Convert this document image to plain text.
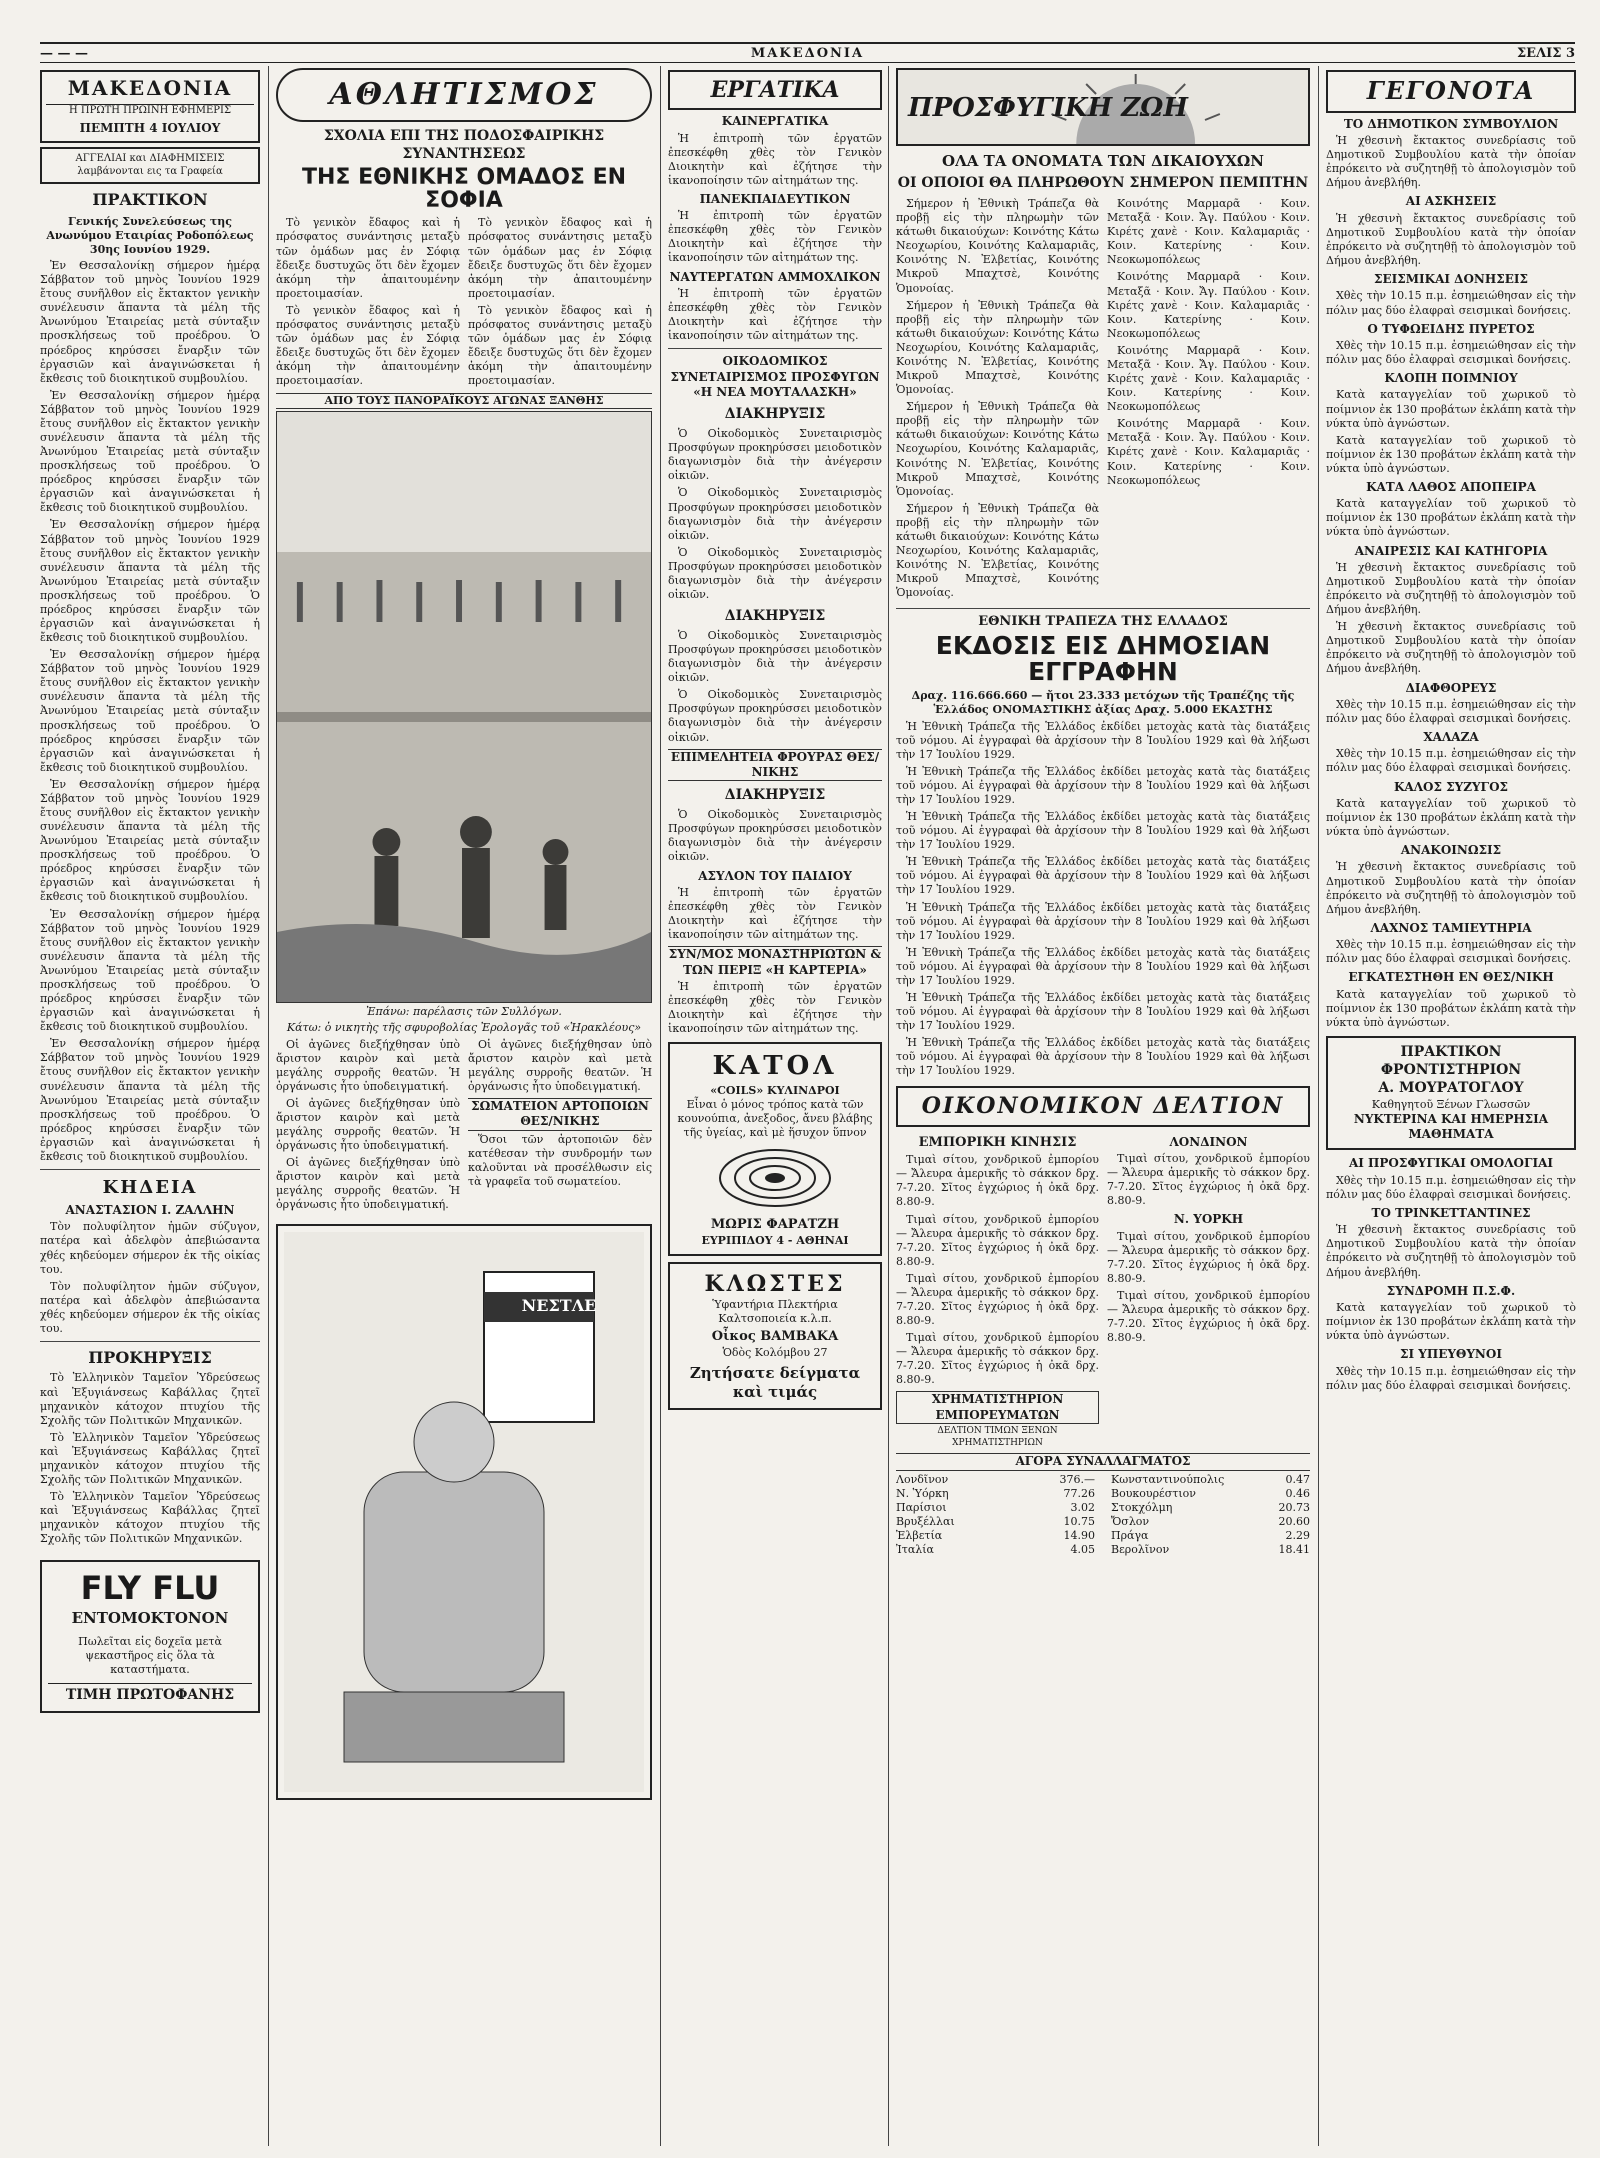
— — —	ΜΑΚΕΔΟΝΙΑ	ΣΕΛΙΣ 3
ΜΑΚΕΔΟΝΙΑ
Η ΠΡΩΤΗ ΠΡΩΙΝΗ ΕΦΗΜΕΡΙΣ
ΠΕΜΠΤΗ 4 ΙΟΥΛΙΟΥ
ΑΓΓΕΛΙΑΙ και ΔΙΑΦΗΜΙΣΕΙΣ λαμβάνονται εις τα Γραφεία
ΠΡΑΚΤΙΚΟΝ
Γενικής Συνελεύσεως της Ανωνύμου Εταιρίας Ροδοπόλεως 30ης Ιουνίου 1929.

Ἐν Θεσσαλονίκῃ σήμερον ἡμέρᾳ Σάββατον τοῦ μηνὸς Ἰουνίου 1929 ἔτους συνῆλθον εἰς ἔκτακτον γενικὴν συνέλευσιν ἅπαντα τὰ μέλη τῆς Ἀνωνύμου Ἑταιρείας μετὰ σύνταξιν προσκλήσεως τοῦ προέδρου. Ὁ πρόεδρος κηρύσσει ἔναρξιν τῶν ἐργασιῶν καὶ ἀναγινώσκεται ἡ ἔκθεσις τοῦ διοικητικοῦ συμβουλίου.

Ἐν Θεσσαλονίκῃ σήμερον ἡμέρᾳ Σάββατον τοῦ μηνὸς Ἰουνίου 1929 ἔτους συνῆλθον εἰς ἔκτακτον γενικὴν συνέλευσιν ἅπαντα τὰ μέλη τῆς Ἀνωνύμου Ἑταιρείας μετὰ σύνταξιν προσκλήσεως τοῦ προέδρου. Ὁ πρόεδρος κηρύσσει ἔναρξιν τῶν ἐργασιῶν καὶ ἀναγινώσκεται ἡ ἔκθεσις τοῦ διοικητικοῦ συμβουλίου.

Ἐν Θεσσαλονίκῃ σήμερον ἡμέρᾳ Σάββατον τοῦ μηνὸς Ἰουνίου 1929 ἔτους συνῆλθον εἰς ἔκτακτον γενικὴν συνέλευσιν ἅπαντα τὰ μέλη τῆς Ἀνωνύμου Ἑταιρείας μετὰ σύνταξιν προσκλήσεως τοῦ προέδρου. Ὁ πρόεδρος κηρύσσει ἔναρξιν τῶν ἐργασιῶν καὶ ἀναγινώσκεται ἡ ἔκθεσις τοῦ διοικητικοῦ συμβουλίου.

Ἐν Θεσσαλονίκῃ σήμερον ἡμέρᾳ Σάββατον τοῦ μηνὸς Ἰουνίου 1929 ἔτους συνῆλθον εἰς ἔκτακτον γενικὴν συνέλευσιν ἅπαντα τὰ μέλη τῆς Ἀνωνύμου Ἑταιρείας μετὰ σύνταξιν προσκλήσεως τοῦ προέδρου. Ὁ πρόεδρος κηρύσσει ἔναρξιν τῶν ἐργασιῶν καὶ ἀναγινώσκεται ἡ ἔκθεσις τοῦ διοικητικοῦ συμβουλίου.

Ἐν Θεσσαλονίκῃ σήμερον ἡμέρᾳ Σάββατον τοῦ μηνὸς Ἰουνίου 1929 ἔτους συνῆλθον εἰς ἔκτακτον γενικὴν συνέλευσιν ἅπαντα τὰ μέλη τῆς Ἀνωνύμου Ἑταιρείας μετὰ σύνταξιν προσκλήσεως τοῦ προέδρου. Ὁ πρόεδρος κηρύσσει ἔναρξιν τῶν ἐργασιῶν καὶ ἀναγινώσκεται ἡ ἔκθεσις τοῦ διοικητικοῦ συμβουλίου.

Ἐν Θεσσαλονίκῃ σήμερον ἡμέρᾳ Σάββατον τοῦ μηνὸς Ἰουνίου 1929 ἔτους συνῆλθον εἰς ἔκτακτον γενικὴν συνέλευσιν ἅπαντα τὰ μέλη τῆς Ἀνωνύμου Ἑταιρείας μετὰ σύνταξιν προσκλήσεως τοῦ προέδρου. Ὁ πρόεδρος κηρύσσει ἔναρξιν τῶν ἐργασιῶν καὶ ἀναγινώσκεται ἡ ἔκθεσις τοῦ διοικητικοῦ συμβουλίου.

Ἐν Θεσσαλονίκῃ σήμερον ἡμέρᾳ Σάββατον τοῦ μηνὸς Ἰουνίου 1929 ἔτους συνῆλθον εἰς ἔκτακτον γενικὴν συνέλευσιν ἅπαντα τὰ μέλη τῆς Ἀνωνύμου Ἑταιρείας μετὰ σύνταξιν προσκλήσεως τοῦ προέδρου. Ὁ πρόεδρος κηρύσσει ἔναρξιν τῶν ἐργασιῶν καὶ ἀναγινώσκεται ἡ ἔκθεσις τοῦ διοικητικοῦ συμβουλίου.

ΚΗΔΕΙΑ
ΑΝΑΣΤΑΣΙΟΝ Ι. ΖΑΛΛΗΝ

Τὸν πολυφίλητον ἡμῶν σύζυγον, πατέρα καὶ ἀδελφὸν ἀπεβιώσαντα χθές κηδεύομεν σήμερον ἐκ τῆς οἰκίας του.

Τὸν πολυφίλητον ἡμῶν σύζυγον, πατέρα καὶ ἀδελφὸν ἀπεβιώσαντα χθές κηδεύομεν σήμερον ἐκ τῆς οἰκίας του.

ΠΡΟΚΗΡΥΞΙΣ

Τὸ Ἐλληνικὸν Ταμεῖον Ὑδρεύσεως καὶ Ἐξυγιάνσεως Καβάλλας ζητεῖ μηχανικὸν κάτοχον πτυχίου τῆς Σχολῆς τῶν Πολιτικῶν Μηχανικῶν.

Τὸ Ἐλληνικὸν Ταμεῖον Ὑδρεύσεως καὶ Ἐξυγιάνσεως Καβάλλας ζητεῖ μηχανικὸν κάτοχον πτυχίου τῆς Σχολῆς τῶν Πολιτικῶν Μηχανικῶν.

Τὸ Ἐλληνικὸν Ταμεῖον Ὑδρεύσεως καὶ Ἐξυγιάνσεως Καβάλλας ζητεῖ μηχανικὸν κάτοχον πτυχίου τῆς Σχολῆς τῶν Πολιτικῶν Μηχανικῶν.

FLY FLU
ΕΝΤΟΜΟΚΤΟΝΟΝ

Πωλεῖται εἰς δοχεῖα μετὰ ψεκαστῆρος εἰς ὅλα τὰ καταστήματα.

ΤΙΜΗ ΠΡΩΤΟΦΑΝΗΣ
ΑΘΛΗΤΙΣΜΟΣ
ΣΧΟΛΙΑ ΕΠΙ ΤΗΣ ΠΟΔΟΣΦΑΙΡΙΚΗΣ ΣΥΝΑΝΤΗΣΕΩΣ
ΤΗΣ ΕΘΝΙΚΗΣ ΟΜΑΔΟΣ ΕΝ ΣΟΦΙΑ

Τὸ γενικὸν ἔδαφος καὶ ἡ πρόσφατος συνάντησις μεταξὺ τῶν ὁμάδων μας ἐν Σόφιᾳ ἔδειξε δυστυχῶς ὅτι δὲν ἔχομεν ἀκόμη τὴν ἀπαιτουμένην προετοιμασίαν.

Τὸ γενικὸν ἔδαφος καὶ ἡ πρόσφατος συνάντησις μεταξὺ τῶν ὁμάδων μας ἐν Σόφιᾳ ἔδειξε δυστυχῶς ὅτι δὲν ἔχομεν ἀκόμη τὴν ἀπαιτουμένην προετοιμασίαν.

Τὸ γενικὸν ἔδαφος καὶ ἡ πρόσφατος συνάντησις μεταξὺ τῶν ὁμάδων μας ἐν Σόφιᾳ ἔδειξε δυστυχῶς ὅτι δὲν ἔχομεν ἀκόμη τὴν ἀπαιτουμένην προετοιμασίαν.

Τὸ γενικὸν ἔδαφος καὶ ἡ πρόσφατος συνάντησις μεταξὺ τῶν ὁμάδων μας ἐν Σόφιᾳ ἔδειξε δυστυχῶς ὅτι δὲν ἔχομεν ἀκόμη τὴν ἀπαιτουμένην προετοιμασίαν.

ΑΠΟ ΤΟΥΣ ΠΑΝΟΡΑΪΚΟΥΣ ΑΓΩΝΑΣ ΞΑΝΘΗΣ
Ἐπάνω: παρέλασις τῶν Συλλόγων.
Κάτω: ὁ νικητὴς τῆς σφυροβολίας Ἐρολογᾶς τοῦ «Ἡρακλέους»

Οἱ ἀγῶνες διεξήχθησαν ὑπὸ ἄριστον καιρὸν καὶ μετὰ μεγάλης συρροῆς θεατῶν. Ἡ ὀργάνωσις ἦτο ὑποδειγματική.

Οἱ ἀγῶνες διεξήχθησαν ὑπὸ ἄριστον καιρὸν καὶ μετὰ μεγάλης συρροῆς θεατῶν. Ἡ ὀργάνωσις ἦτο ὑποδειγματική.

Οἱ ἀγῶνες διεξήχθησαν ὑπὸ ἄριστον καιρὸν καὶ μετὰ μεγάλης συρροῆς θεατῶν. Ἡ ὀργάνωσις ἦτο ὑποδειγματική.

Οἱ ἀγῶνες διεξήχθησαν ὑπὸ ἄριστον καιρὸν καὶ μετὰ μεγάλης συρροῆς θεατῶν. Ἡ ὀργάνωσις ἦτο ὑποδειγματική.

ΣΩΜΑΤΕΙΟΝ ΑΡΤΟΠΟΙΩΝ ΘΕΣ/ΝΙΚΗΣ

Ὅσοι τῶν ἀρτοποιῶν δὲν κατέθεσαν τὴν συνδρομήν των καλοῦνται νὰ προσέλθωσιν εἰς τὰ γραφεῖα τοῦ σωματείου.

ΝΕΣΤΛΕ
ΕΡΓΑΤΙΚΑ
ΚΑΙΝΕΡΓΑΤΙΚΑ

Ἡ ἐπιτροπὴ τῶν ἐργατῶν ἐπεσκέφθη χθὲς τὸν Γενικὸν Διοικητὴν καὶ ἐζήτησε τὴν ἱκανοποίησιν τῶν αἰτημάτων της.

ΠΑΝΕΚΠΑΙΔΕΥΤΙΚΟΝ

Ἡ ἐπιτροπὴ τῶν ἐργατῶν ἐπεσκέφθη χθὲς τὸν Γενικὸν Διοικητὴν καὶ ἐζήτησε τὴν ἱκανοποίησιν τῶν αἰτημάτων της.

ΝΑΥΤΕΡΓΑΤΩΝ ΑΜΜΟΧΛΙΚΟΝ

Ἡ ἐπιτροπὴ τῶν ἐργατῶν ἐπεσκέφθη χθὲς τὸν Γενικὸν Διοικητὴν καὶ ἐζήτησε τὴν ἱκανοποίησιν τῶν αἰτημάτων της.

ΟΙΚΟΔΟΜΙΚΟΣ ΣΥΝΕΤΑΙΡΙΣΜΟΣ ΠΡΟΣΦΥΓΩΝ «Η ΝΕΑ ΜΟΥΤΑΛΑΣΚΗ»
ΔΙΑΚΗΡΥΞΙΣ

Ὁ Οἰκοδομικὸς Συνεταιρισμὸς Προσφύγων προκηρύσσει μειοδοτικὸν διαγωνισμὸν διὰ τὴν ἀνέγερσιν οἰκιῶν.

Ὁ Οἰκοδομικὸς Συνεταιρισμὸς Προσφύγων προκηρύσσει μειοδοτικὸν διαγωνισμὸν διὰ τὴν ἀνέγερσιν οἰκιῶν.

Ὁ Οἰκοδομικὸς Συνεταιρισμὸς Προσφύγων προκηρύσσει μειοδοτικὸν διαγωνισμὸν διὰ τὴν ἀνέγερσιν οἰκιῶν.

ΔΙΑΚΗΡΥΞΙΣ

Ὁ Οἰκοδομικὸς Συνεταιρισμὸς Προσφύγων προκηρύσσει μειοδοτικὸν διαγωνισμὸν διὰ τὴν ἀνέγερσιν οἰκιῶν.

Ὁ Οἰκοδομικὸς Συνεταιρισμὸς Προσφύγων προκηρύσσει μειοδοτικὸν διαγωνισμὸν διὰ τὴν ἀνέγερσιν οἰκιῶν.

ΕΠΙΜΕΛΗΤΕΙΑ ΦΡΟΥΡΑΣ ΘΕΣ/ΝΙΚΗΣ
ΔΙΑΚΗΡΥΞΙΣ

Ὁ Οἰκοδομικὸς Συνεταιρισμὸς Προσφύγων προκηρύσσει μειοδοτικὸν διαγωνισμὸν διὰ τὴν ἀνέγερσιν οἰκιῶν.

ΑΣΥΛΟΝ ΤΟΥ ΠΑΙΔΙΟΥ

Ἡ ἐπιτροπὴ τῶν ἐργατῶν ἐπεσκέφθη χθὲς τὸν Γενικὸν Διοικητὴν καὶ ἐζήτησε τὴν ἱκανοποίησιν τῶν αἰτημάτων της.

ΣΥΝ/ΜΟΣ ΜΟΝΑΣΤΗΡΙΩΤΩΝ & ΤΩΝ ΠΕΡΙΞ «Η ΚΑΡΤΕΡΙΑ»

Ἡ ἐπιτροπὴ τῶν ἐργατῶν ἐπεσκέφθη χθὲς τὸν Γενικὸν Διοικητὴν καὶ ἐζήτησε τὴν ἱκανοποίησιν τῶν αἰτημάτων της.

ΚΑΤΟΛ
«COILS» ΚΥΛΙΝΔΡΟΙ

Εἶναι ὁ μόνος τρόπος κατὰ τῶν κουνούπια, ἀνεξοδος, ἄνευ βλάβης τῆς ὑγείας, καὶ μὲ ἥσυχον ὕπνον

ΜΩΡΙΣ ΦΑΡΑΤΖΗ
ΕΥΡΙΠΙΔΟΥ 4 - ΑΘΗΝΑΙ
ΚΛΩΣΤΕΣ

Ὑφαντήρια Πλεκτήρια Καλτσοποιεία κ.λ.π.

Οἶκος ΒΑΜΒΑΚΑ
Ὁδὸς Κολόμβου 27
Ζητήσατε δείγματα καὶ τιμάς
ΠΡΟΣΦΥΓΙΚΗ ΖΩΗ
ΟΛΑ ΤΑ ΟΝΟΜΑΤΑ ΤΩΝ ΔΙΚΑΙΟΥΧΩΝ
ΟΙ ΟΠΟΙΟΙ ΘΑ ΠΛΗΡΩΘΟΥΝ ΣΗΜΕΡΟΝ ΠΕΜΠΤΗΝ

Σήμερον ἡ Ἐθνικὴ Τράπεζα θὰ προβῇ εἰς τὴν πληρωμὴν τῶν κάτωθι δικαιούχων: Κοινότης Κάτω Νεοχωρίου, Κοινότης Καλαμαριᾶς, Κοινότης Ν. Ἐλβετίας, Κοινότης Μικροῦ Μπαχτσὲ, Κοινότης Ὁμονοίας.

Σήμερον ἡ Ἐθνικὴ Τράπεζα θὰ προβῇ εἰς τὴν πληρωμὴν τῶν κάτωθι δικαιούχων: Κοινότης Κάτω Νεοχωρίου, Κοινότης Καλαμαριᾶς, Κοινότης Ν. Ἐλβετίας, Κοινότης Μικροῦ Μπαχτσὲ, Κοινότης Ὁμονοίας.

Σήμερον ἡ Ἐθνικὴ Τράπεζα θὰ προβῇ εἰς τὴν πληρωμὴν τῶν κάτωθι δικαιούχων: Κοινότης Κάτω Νεοχωρίου, Κοινότης Καλαμαριᾶς, Κοινότης Ν. Ἐλβετίας, Κοινότης Μικροῦ Μπαχτσὲ, Κοινότης Ὁμονοίας.

Σήμερον ἡ Ἐθνικὴ Τράπεζα θὰ προβῇ εἰς τὴν πληρωμὴν τῶν κάτωθι δικαιούχων: Κοινότης Κάτω Νεοχωρίου, Κοινότης Καλαμαριᾶς, Κοινότης Ν. Ἐλβετίας, Κοινότης Μικροῦ Μπαχτσὲ, Κοινότης Ὁμονοίας.

Κοινότης Μαρμαρᾶ · Κοιν. Μεταξᾶ · Κοιν. Ἄγ. Παύλου · Κοιν. Κιρέτς χανὲ · Κοιν. Καλαμαριᾶς · Κοιν. Κατερίνης · Κοιν. Νεοκωμοπόλεως

Κοινότης Μαρμαρᾶ · Κοιν. Μεταξᾶ · Κοιν. Ἄγ. Παύλου · Κοιν. Κιρέτς χανὲ · Κοιν. Καλαμαριᾶς · Κοιν. Κατερίνης · Κοιν. Νεοκωμοπόλεως

Κοινότης Μαρμαρᾶ · Κοιν. Μεταξᾶ · Κοιν. Ἄγ. Παύλου · Κοιν. Κιρέτς χανὲ · Κοιν. Καλαμαριᾶς · Κοιν. Κατερίνης · Κοιν. Νεοκωμοπόλεως

Κοινότης Μαρμαρᾶ · Κοιν. Μεταξᾶ · Κοιν. Ἄγ. Παύλου · Κοιν. Κιρέτς χανὲ · Κοιν. Καλαμαριᾶς · Κοιν. Κατερίνης · Κοιν. Νεοκωμοπόλεως

ΕΘΝΙΚΗ ΤΡΑΠΕΖΑ ΤΗΣ ΕΛΛΑΔΟΣ
ΕΚΔΟΣΙΣ ΕΙΣ ΔΗΜΟΣΙΑΝ ΕΓΓΡΑΦΗΝ
Δραχ. 116.666.660 — ἤτοι 23.333 μετόχων τῆς Τραπέζης τῆς Ἑλλάδος ΟΝΟΜΑΣΤΙΚΗΣ ἀξίας Δραχ. 5.000 ΕΚΑΣΤΗΣ

Ἡ Ἐθνικὴ Τράπεζα τῆς Ἑλλάδος ἐκδίδει μετοχὰς κατὰ τὰς διατάξεις τοῦ νόμου. Αἱ ἐγγραφαὶ θὰ ἀρχίσουν τὴν 8 Ἰουλίου 1929 καὶ θὰ λήξωσι τὴν 17 Ἰουλίου 1929.

Ἡ Ἐθνικὴ Τράπεζα τῆς Ἑλλάδος ἐκδίδει μετοχὰς κατὰ τὰς διατάξεις τοῦ νόμου. Αἱ ἐγγραφαὶ θὰ ἀρχίσουν τὴν 8 Ἰουλίου 1929 καὶ θὰ λήξωσι τὴν 17 Ἰουλίου 1929.

Ἡ Ἐθνικὴ Τράπεζα τῆς Ἑλλάδος ἐκδίδει μετοχὰς κατὰ τὰς διατάξεις τοῦ νόμου. Αἱ ἐγγραφαὶ θὰ ἀρχίσουν τὴν 8 Ἰουλίου 1929 καὶ θὰ λήξωσι τὴν 17 Ἰουλίου 1929.

Ἡ Ἐθνικὴ Τράπεζα τῆς Ἑλλάδος ἐκδίδει μετοχὰς κατὰ τὰς διατάξεις τοῦ νόμου. Αἱ ἐγγραφαὶ θὰ ἀρχίσουν τὴν 8 Ἰουλίου 1929 καὶ θὰ λήξωσι τὴν 17 Ἰουλίου 1929.

Ἡ Ἐθνικὴ Τράπεζα τῆς Ἑλλάδος ἐκδίδει μετοχὰς κατὰ τὰς διατάξεις τοῦ νόμου. Αἱ ἐγγραφαὶ θὰ ἀρχίσουν τὴν 8 Ἰουλίου 1929 καὶ θὰ λήξωσι τὴν 17 Ἰουλίου 1929.

Ἡ Ἐθνικὴ Τράπεζα τῆς Ἑλλάδος ἐκδίδει μετοχὰς κατὰ τὰς διατάξεις τοῦ νόμου. Αἱ ἐγγραφαὶ θὰ ἀρχίσουν τὴν 8 Ἰουλίου 1929 καὶ θὰ λήξωσι τὴν 17 Ἰουλίου 1929.

Ἡ Ἐθνικὴ Τράπεζα τῆς Ἑλλάδος ἐκδίδει μετοχὰς κατὰ τὰς διατάξεις τοῦ νόμου. Αἱ ἐγγραφαὶ θὰ ἀρχίσουν τὴν 8 Ἰουλίου 1929 καὶ θὰ λήξωσι τὴν 17 Ἰουλίου 1929.

Ἡ Ἐθνικὴ Τράπεζα τῆς Ἑλλάδος ἐκδίδει μετοχὰς κατὰ τὰς διατάξεις τοῦ νόμου. Αἱ ἐγγραφαὶ θὰ ἀρχίσουν τὴν 8 Ἰουλίου 1929 καὶ θὰ λήξωσι τὴν 17 Ἰουλίου 1929.

ΟΙΚΟΝΟΜΙΚΟΝ ΔΕΛΤΙΟΝ
ΕΜΠΟΡΙΚΗ ΚΙΝΗΣΙΣ

Τιμαὶ σίτου, χονδρικοῦ ἐμπορίου — Ἄλευρα ἀμερικῆς τὸ σάκκον δρχ. 7-7.20. Σῖτος ἐγχώριος ἡ ὀκᾶ δρχ. 8.80-9.

Τιμαὶ σίτου, χονδρικοῦ ἐμπορίου — Ἄλευρα ἀμερικῆς τὸ σάκκον δρχ. 7-7.20. Σῖτος ἐγχώριος ἡ ὀκᾶ δρχ. 8.80-9.

Τιμαὶ σίτου, χονδρικοῦ ἐμπορίου — Ἄλευρα ἀμερικῆς τὸ σάκκον δρχ. 7-7.20. Σῖτος ἐγχώριος ἡ ὀκᾶ δρχ. 8.80-9.

Τιμαὶ σίτου, χονδρικοῦ ἐμπορίου — Ἄλευρα ἀμερικῆς τὸ σάκκον δρχ. 7-7.20. Σῖτος ἐγχώριος ἡ ὀκᾶ δρχ. 8.80-9.

ΧΡΗΜΑΤΙΣΤΗΡΙΟΝ ΕΜΠΟΡΕΥΜΑΤΩΝ
ΔΕΛΤΙΟΝ ΤΙΜΩΝ ΞΕΝΩΝ ΧΡΗΜΑΤΙΣΤΗΡΙΩΝ
ΛΟΝΔΙΝΟΝ

Τιμαὶ σίτου, χονδρικοῦ ἐμπορίου — Ἄλευρα ἀμερικῆς τὸ σάκκον δρχ. 7-7.20. Σῖτος ἐγχώριος ἡ ὀκᾶ δρχ. 8.80-9.

Ν. ΥΟΡΚΗ

Τιμαὶ σίτου, χονδρικοῦ ἐμπορίου — Ἄλευρα ἀμερικῆς τὸ σάκκον δρχ. 7-7.20. Σῖτος ἐγχώριος ἡ ὀκᾶ δρχ. 8.80-9.

Τιμαὶ σίτου, χονδρικοῦ ἐμπορίου — Ἄλευρα ἀμερικῆς τὸ σάκκον δρχ. 7-7.20. Σῖτος ἐγχώριος ἡ ὀκᾶ δρχ. 8.80-9.

ΑΓΟΡΑ ΣΥΝΑΛΛΑΓΜΑΤΟΣ
Λονδῖνον	376.—
Ν. Ὑόρκη	77.26
Παρίσιοι	3.02
Βρυξέλλαι	10.75
Ἐλβετία	14.90
Ἰταλία	4.05
Κωνσταντινούπολις	0.47
Βουκουρέστιον	0.46
Στοκχόλμη	20.73
Ὄσλον	20.60
Πράγα	2.29
Βερολῖνον	18.41
ΓΕΓΟΝΟΤΑ
ΤΟ ΔΗΜΟΤΙΚΟΝ ΣΥΜΒΟΥΛΙΟΝ

Ἡ χθεσινὴ ἔκτακτος συνεδρίασις τοῦ Δημοτικοῦ Συμβουλίου κατὰ τὴν ὁποίαν ἐπρόκειτο νὰ συζητηθῇ τὸ ἀπολογισμὸν τοῦ Δήμου ἀνεβλήθη.

ΑΙ ΑΣΚΗΣΕΙΣ

Ἡ χθεσινὴ ἔκτακτος συνεδρίασις τοῦ Δημοτικοῦ Συμβουλίου κατὰ τὴν ὁποίαν ἐπρόκειτο νὰ συζητηθῇ τὸ ἀπολογισμὸν τοῦ Δήμου ἀνεβλήθη.

ΣΕΙΣΜΙΚΑΙ ΔΟΝΗΣΕΙΣ

Χθὲς τὴν 10.15 π.μ. ἐσημειώθησαν εἰς τὴν πόλιν μας δύο ἐλαφραὶ σεισμικαὶ δονήσεις.

Ο ΤΥΦΩΕΙΔΗΣ ΠΥΡΕΤΟΣ

Χθὲς τὴν 10.15 π.μ. ἐσημειώθησαν εἰς τὴν πόλιν μας δύο ἐλαφραὶ σεισμικαὶ δονήσεις.

ΚΛΟΠΗ ΠΟΙΜΝΙΟΥ

Κατὰ καταγγελίαν τοῦ χωρικοῦ τὸ ποίμνιον ἐκ 130 προβάτων ἐκλάπη κατὰ τὴν νύκτα ὑπὸ ἀγνώστων.

Κατὰ καταγγελίαν τοῦ χωρικοῦ τὸ ποίμνιον ἐκ 130 προβάτων ἐκλάπη κατὰ τὴν νύκτα ὑπὸ ἀγνώστων.

ΚΑΤΑ ΛΑΘΟΣ ΑΠΟΠΕΙΡΑ

Κατὰ καταγγελίαν τοῦ χωρικοῦ τὸ ποίμνιον ἐκ 130 προβάτων ἐκλάπη κατὰ τὴν νύκτα ὑπὸ ἀγνώστων.

ΑΝΑΙΡΕΣΙΣ ΚΑΙ ΚΑΤΗΓΟΡΙΑ

Ἡ χθεσινὴ ἔκτακτος συνεδρίασις τοῦ Δημοτικοῦ Συμβουλίου κατὰ τὴν ὁποίαν ἐπρόκειτο νὰ συζητηθῇ τὸ ἀπολογισμὸν τοῦ Δήμου ἀνεβλήθη.

Ἡ χθεσινὴ ἔκτακτος συνεδρίασις τοῦ Δημοτικοῦ Συμβουλίου κατὰ τὴν ὁποίαν ἐπρόκειτο νὰ συζητηθῇ τὸ ἀπολογισμὸν τοῦ Δήμου ἀνεβλήθη.

ΔΙΑΦΘΟΡΕΥΣ

Χθὲς τὴν 10.15 π.μ. ἐσημειώθησαν εἰς τὴν πόλιν μας δύο ἐλαφραὶ σεισμικαὶ δονήσεις.

ΧΑΛΑΖΑ

Χθὲς τὴν 10.15 π.μ. ἐσημειώθησαν εἰς τὴν πόλιν μας δύο ἐλαφραὶ σεισμικαὶ δονήσεις.

ΚΑΛΟΣ ΣΥΖΥΓΟΣ

Κατὰ καταγγελίαν τοῦ χωρικοῦ τὸ ποίμνιον ἐκ 130 προβάτων ἐκλάπη κατὰ τὴν νύκτα ὑπὸ ἀγνώστων.

ΑΝΑΚΟΙΝΩΣΙΣ

Ἡ χθεσινὴ ἔκτακτος συνεδρίασις τοῦ Δημοτικοῦ Συμβουλίου κατὰ τὴν ὁποίαν ἐπρόκειτο νὰ συζητηθῇ τὸ ἀπολογισμὸν τοῦ Δήμου ἀνεβλήθη.

ΛΑΧΝΟΣ ΤΑΜΙΕΥΤΗΡΙΑ

Χθὲς τὴν 10.15 π.μ. ἐσημειώθησαν εἰς τὴν πόλιν μας δύο ἐλαφραὶ σεισμικαὶ δονήσεις.

ΕΓΚΑΤΕΣΤΗΘΗ ΕΝ ΘΕΣ/ΝΙΚΗ

Κατὰ καταγγελίαν τοῦ χωρικοῦ τὸ ποίμνιον ἐκ 130 προβάτων ἐκλάπη κατὰ τὴν νύκτα ὑπὸ ἀγνώστων.

ΠΡΑΚΤΙΚΟΝ ΦΡΟΝΤΙΣΤΗΡΙΟΝ
Α. ΜΟΥΡΑΤΟΓΛΟΥ
Καθηγητοῦ Ξένων Γλωσσῶν
ΝΥΚΤΕΡΙΝΑ ΚΑΙ ΗΜΕΡΗΣΙΑ ΜΑΘΗΜΑΤΑ
ΑΙ ΠΡΟΣΦΥΓΙΚΑΙ ΟΜΟΛΟΓΙΑΙ

Χθὲς τὴν 10.15 π.μ. ἐσημειώθησαν εἰς τὴν πόλιν μας δύο ἐλαφραὶ σεισμικαὶ δονήσεις.

ΤΟ ΤΡΙΝΚΕΤΤΑΝΤΙΝΕΣ

Ἡ χθεσινὴ ἔκτακτος συνεδρίασις τοῦ Δημοτικοῦ Συμβουλίου κατὰ τὴν ὁποίαν ἐπρόκειτο νὰ συζητηθῇ τὸ ἀπολογισμὸν τοῦ Δήμου ἀνεβλήθη.

ΣΥΝΔΡΟΜΗ Π.Σ.Φ.

Κατὰ καταγγελίαν τοῦ χωρικοῦ τὸ ποίμνιον ἐκ 130 προβάτων ἐκλάπη κατὰ τὴν νύκτα ὑπὸ ἀγνώστων.

ΣΙ ΥΠΕΥΘΥΝΟΙ

Χθὲς τὴν 10.15 π.μ. ἐσημειώθησαν εἰς τὴν πόλιν μας δύο ἐλαφραὶ σεισμικαὶ δονήσεις.
